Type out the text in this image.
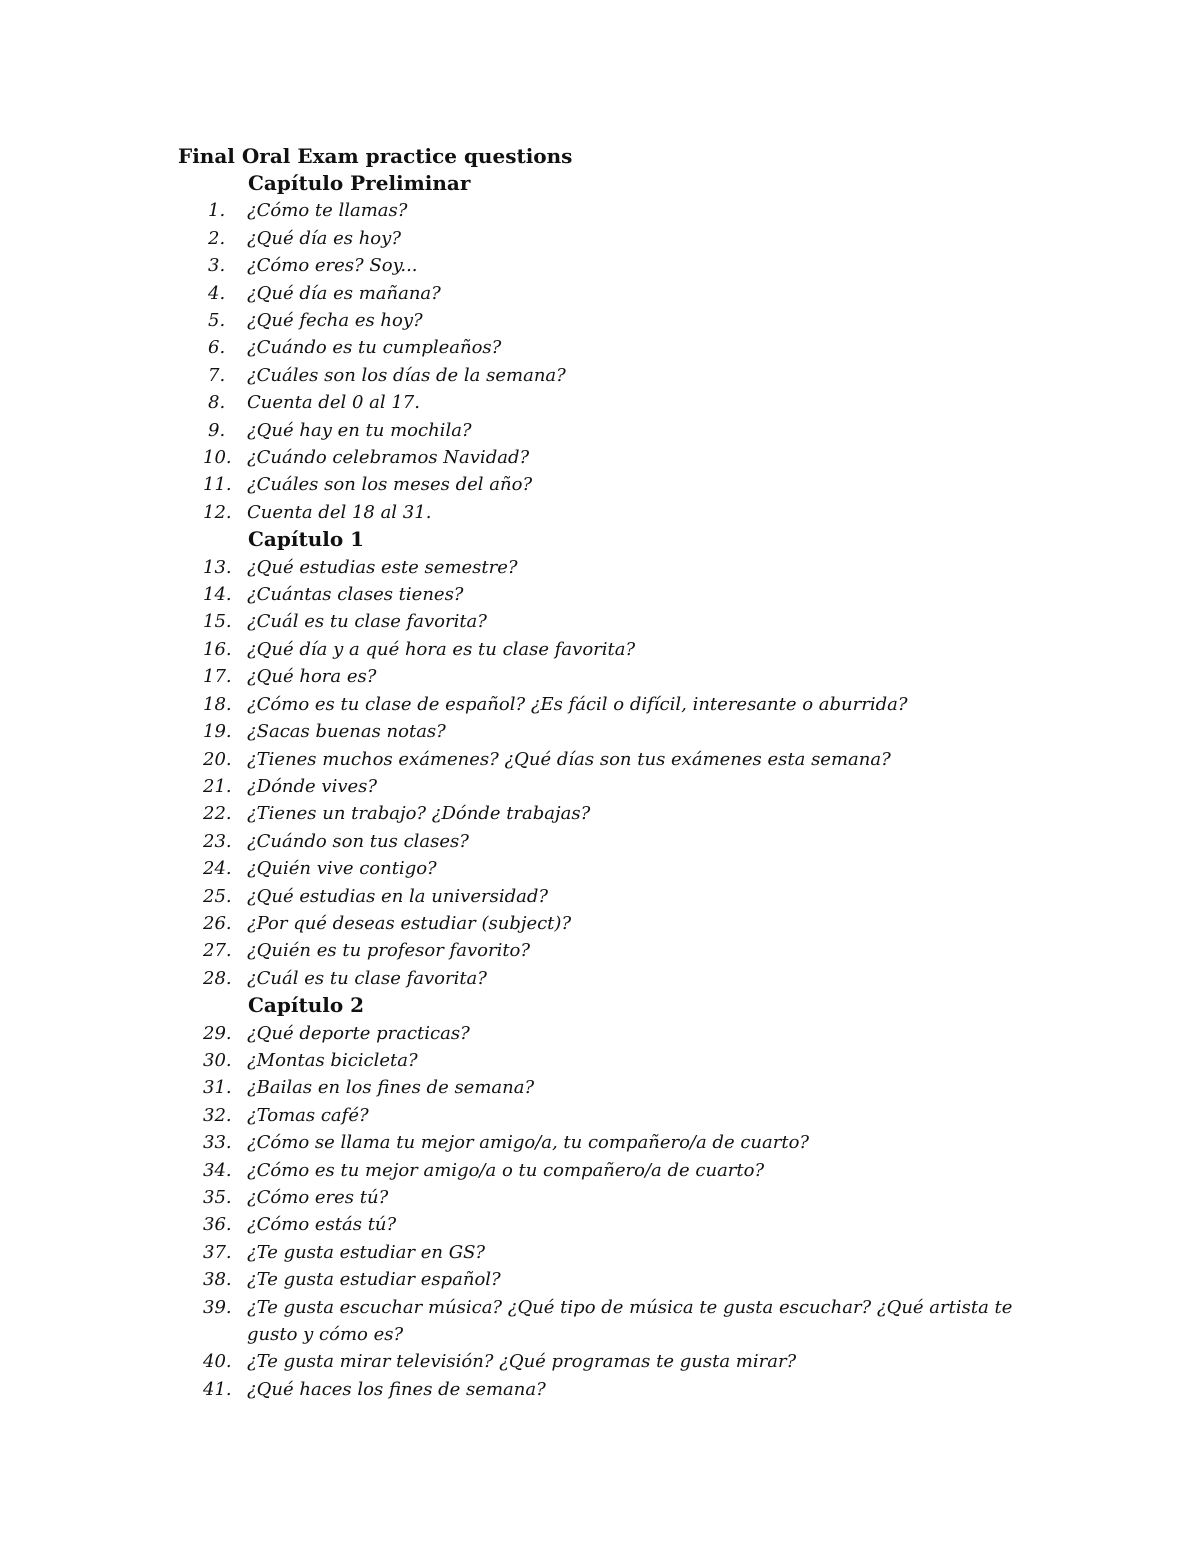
Final Oral Exam practice questions
Capítulo Preliminar
1. ¿Cómo te llamas?
2. ¿Qué día es hoy?
3. ¿Cómo eres? Soy...
4. ¿Qué día es mañana?
5. ¿Qué fecha es hoy?
6. ¿Cuándo es tu cumpleaños?
7. ¿Cuáles son los días de la semana?
8. Cuenta del 0 al 17.
9. ¿Qué hay en tu mochila?
10. ¿Cuándo celebramos Navidad?
11. ¿Cuáles son los meses del año?
12. Cuenta del 18 al 31.
Capítulo 1
13. ¿Qué estudias este semestre?
14. ¿Cuántas clases tienes?
15. ¿Cuál es tu clase favorita?
16. ¿Qué día y a qué hora es tu clase favorita?
17. ¿Qué hora es?
18. ¿Cómo es tu clase de español? ¿Es fácil o difícil, interesante o aburrida?
19. ¿Sacas buenas notas?
20. ¿Tienes muchos exámenes? ¿Qué días son tus exámenes esta semana?
21. ¿Dónde vives?
22. ¿Tienes un trabajo? ¿Dónde trabajas?
23. ¿Cuándo son tus clases?
24. ¿Quién vive contigo?
25. ¿Qué estudias en la universidad?
26. ¿Por qué deseas estudiar (subject)?
27. ¿Quién es tu profesor favorito?
28. ¿Cuál es tu clase favorita?
Capítulo 2
29. ¿Qué deporte practicas?
30. ¿Montas bicicleta?
31. ¿Bailas en los fines de semana?
32. ¿Tomas café?
33. ¿Cómo se llama tu mejor amigo/a, tu compañero/a de cuarto?
34. ¿Cómo es tu mejor amigo/a o tu compañero/a de cuarto?
35. ¿Cómo eres tú?
36. ¿Cómo estás tú?
37. ¿Te gusta estudiar en GS?
38. ¿Te gusta estudiar español?
39. ¿Te gusta escuchar música? ¿Qué tipo de música te gusta escuchar? ¿Qué artista te gusto y cómo es?
40. ¿Te gusta mirar televisión? ¿Qué programas te gusta mirar?
41. ¿Qué haces los fines de semana?
